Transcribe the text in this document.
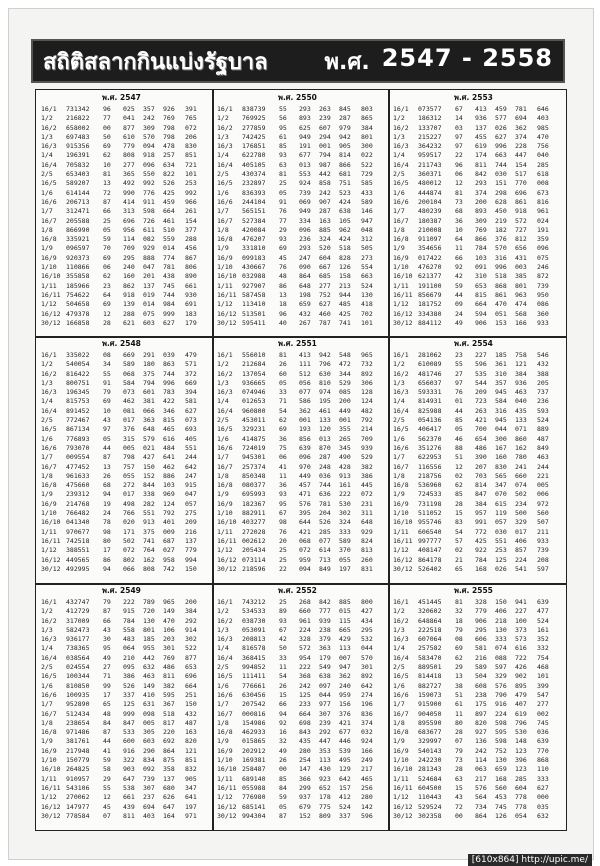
สถิติสลากกินแบ่งรัฐบาล	พ.ศ. 2547 - 2558
พ.ศ. 2547
16/1 731342 96 025 357 926 391
1/2 216822 77 041 242 769 765
16/2 658002 00 877 309 798 072
1/3 697483 50 610 570 798 206
16/3 915356 69 779 094 478 830
1/4 196391 62 808 918 257 851
16/4 705832 10 277 096 634 721
2/5 653403 81 365 550 822 101
16/5 589207 13 492 992 526 253
1/6 614144 72 990 776 425 992
16/6 206713 87 414 911 459 966
1/7 312471 66 313 598 664 261
16/7 205588 25 696 726 461 154
1/8 866990 05 956 611 510 377
16/8 335921 59 114 082 559 288
1/9 096597 70 709 929 014 456
16/9 920373 69 295 888 774 867
1/10 110866 06 240 047 781 806
16/10 355858 62 160 201 438 890
1/11 185966 23 862 137 745 661
16/11 754622 64 918 019 744 930
1/12 504658 69 139 014 984 691
16/12 479378 12 288 075 999 183
30/12 166858 28 621 603 627 179
พ.ศ. 2550
16/1 838739 55 293 263 845 803
1/2 769925 56 893 239 287 865
16/2 277859 95 625 607 979 384
1/3 742425 61 949 294 942 801
16/3 176851 85 191 001 905 300
1/4 622780 93 677 794 814 022
16/4 405105 63 013 987 866 522
2/5 430374 81 553 442 681 729
16/5 232897 25 924 858 751 585
1/6 836393 05 739 242 523 433
16/6 244104 91 069 907 424 589
1/7 565151 76 949 287 638 146
16/7 527384 77 334 163 105 947
1/8 420084 29 096 885 962 048
16/8 476207 93 236 324 424 312
1/9 331810 69 293 520 518 505
16/9 099183 45 247 604 828 273
1/10 430667 76 090 667 126 554
16/10 032988 48 864 685 158 663
1/11 927907 86 648 277 213 524
16/11 587458 13 198 752 944 130
1/12 113410 18 659 627 485 418
16/12 513501 96 432 460 425 702
30/12 595411 40 267 787 741 101
พ.ศ. 2553
16/1 073577 67 413 459 781 646
1/2 186312 14 936 577 694 403
16/2 133707 03 137 026 362 985
1/3 215227 97 455 627 374 470
16/3 364232 97 619 996 228 756
1/4 959517 22 174 663 447 040
16/4 211743 96 811 744 154 285
2/5 360371 06 842 030 517 618
16/5 480012 12 293 151 770 008
1/6 444874 81 374 298 696 673
16/6 200104 73 200 628 861 816
1/7 480239 68 893 450 918 961
16/7 180387 36 309 219 572 024
1/8 210008 10 769 182 727 191
16/8 911097 64 866 376 812 359
1/9 354656 11 784 570 656 096
16/9 017422 66 103 316 431 075
1/10 476270 92 091 996 003 246
16/10 621377 42 310 518 385 872
1/11 191100 59 653 868 801 739
16/11 856679 44 815 861 963 950
1/12 181752 09 664 470 474 086
16/12 334380 24 594 051 568 360
30/12 884112 49 906 153 166 933
พ.ศ. 2548
16/1 335022 08 669 291 039 479
1/2 540054 34 589 180 863 571
16/2 816422 55 068 375 744 372
1/3 800751 91 584 794 996 669
16/3 196345 79 073 601 783 394
1/4 815753 69 462 381 422 581
16/4 891452 10 081 066 346 627
2/5 772467 43 017 363 815 073
16/5 867134 97 376 648 465 693
1/6 776893 05 315 579 616 405
16/6 793070 44 005 021 484 551
1/7 009554 87 798 427 641 244
16/7 477452 13 757 150 462 642
1/8 961633 26 055 152 886 247
16/8 475660 68 272 844 103 915
1/9 239312 94 017 338 969 047
16/9 214768 19 498 282 124 057
1/10 766482 24 766 551 792 275
16/10 041340 78 020 913 401 209
1/11 970677 98 171 375 009 216
16/11 742518 80 502 741 687 137
1/12 388551 17 072 764 027 779
16/12 449565 86 802 162 958 994
30/12 492995 94 066 808 742 150
พ.ศ. 2551
16/1 556010 81 413 942 548 965
1/2 212684 26 111 796 472 732
16/2 137054 60 512 630 344 892
1/3 936665 05 056 810 529 306
16/3 074946 33 077 974 085 128
1/4 012653 71 586 195 200 124
16/4 960800 54 362 461 449 482
2/5 453011 62 001 133 001 792
16/5 329231 69 193 120 355 214
1/6 414875 36 856 013 265 709
16/6 724019 75 639 870 345 939
1/7 945301 06 096 287 490 529
16/7 257374 41 970 248 428 382
1/8 850348 11 449 036 913 386
16/8 080377 36 457 744 161 445
1/9 695993 93 471 636 222 072
16/9 182367 95 576 781 530 231
1/10 882911 67 395 204 302 311
16/10 403277 98 644 526 324 648
1/11 272028 76 421 285 333 929
16/11 002612 20 068 077 589 824
1/12 205434 25 072 614 370 813
16/12 073114 25 959 713 055 260
30/12 218596 22 094 849 197 831
พ.ศ. 2554
16/1 281062 23 227 185 758 546
1/2 610089 55 596 361 121 432
16/2 481746 27 535 310 384 388
1/3 656037 97 544 357 936 205
16/3 593331 76 209 945 463 737
1/4 814931 01 723 584 040 236
16/4 825988 44 263 316 435 593
2/5 054136 85 421 945 133 524
16/5 406417 05 700 044 071 889
1/6 562370 46 654 300 860 487
16/6 351276 88 486 167 162 849
1/7 622953 51 390 160 780 463
16/7 116556 12 207 830 241 244
1/8 218756 02 703 565 660 221
16/8 536960 62 814 347 074 005
1/9 724533 85 847 070 502 006
16/9 731198 28 384 615 234 972
1/10 511052 15 957 119 500 560
16/10 955746 83 991 057 329 507
1/11 606540 54 772 030 017 211
16/11 997777 57 425 551 406 933
1/12 408147 02 922 253 857 739
16/12 864178 21 784 125 224 208
30/12 526402 65 168 026 541 597
พ.ศ. 2549
16/1 432747 79 222 789 965 200
1/2 412729 87 915 720 149 384
16/2 317009 66 784 130 470 292
1/3 582473 43 558 801 106 914
16/3 936177 30 483 185 203 302
1/4 738365 95 064 955 301 522
16/4 038564 49 210 442 769 877
2/5 024554 27 095 632 486 653
16/5 100344 71 386 463 811 696
1/6 810850 99 526 149 382 664
16/6 100935 17 337 410 595 251
1/7 952890 65 125 631 367 150
16/7 512434 48 999 098 518 432
1/8 238654 84 847 005 817 487
16/8 971486 87 533 305 220 163
1/9 381761 44 600 603 692 820
16/9 217948 41 916 290 864 121
1/10 150779 59 322 834 875 851
16/10 264825 58 903 092 358 832
1/11 910957 29 647 739 137 905
16/11 543106 55 538 307 680 347
1/12 270062 12 661 237 626 641
16/12 147977 45 439 694 647 197
30/12 778584 07 811 403 164 971
พ.ศ. 2552
16/1 743212 25 268 842 885 800
1/2 534533 89 660 777 015 427
16/2 038730 93 961 939 115 434
1/3 053091 67 224 238 665 295
16/3 208813 42 328 379 429 532
1/4 816578 50 572 363 113 044
16/4 368415 33 954 179 007 570
2/5 994852 11 222 549 947 301
16/5 111411 54 368 638 362 892
1/6 776661 26 242 097 240 642
16/6 630456 15 125 044 959 274
1/7 207542 66 233 977 156 196
16/7 000816 94 664 307 376 836
1/8 154986 92 698 239 421 374
16/8 462933 16 843 292 677 032
1/9 015865 32 435 447 446 924
16/9 202912 49 280 353 539 166
1/10 169381 26 254 113 495 249
16/10 258487 00 147 430 129 217
1/11 689140 85 366 923 642 465
16/11 055988 84 299 652 157 256
1/12 776980 59 937 178 412 280
16/12 685141 05 679 775 524 142
30/12 994304 87 152 809 337 596
พ.ศ. 2555
16/1 451445 81 328 150 941 639
1/2 320602 32 779 406 227 477
16/2 648864 18 906 218 100 524
1/3 222518 79 295 130 373 161
16/3 607064 08 606 333 573 352
1/4 257582 69 581 074 616 332
16/4 583470 62 216 088 722 754
2/5 889501 29 589 597 426 468
16/5 814418 13 504 329 902 101
1/6 882727 38 608 576 895 399
16/6 159073 51 238 790 479 547
1/7 915900 61 175 916 407 277
16/7 904050 11 897 224 619 002
1/8 895590 80 820 598 796 745
16/8 683677 28 927 595 530 036
1/9 329997 07 136 598 148 639
16/9 540143 79 242 752 123 770
1/10 242230 73 114 130 396 868
16/10 281343 28 063 659 123 110
1/11 524684 63 217 168 285 333
16/11 604500 15 576 560 604 627
1/12 110443 43 564 453 778 000
16/12 529524 72 734 745 778 035
30/12 302358 00 864 126 054 632
[610x864] http://upic.me/
